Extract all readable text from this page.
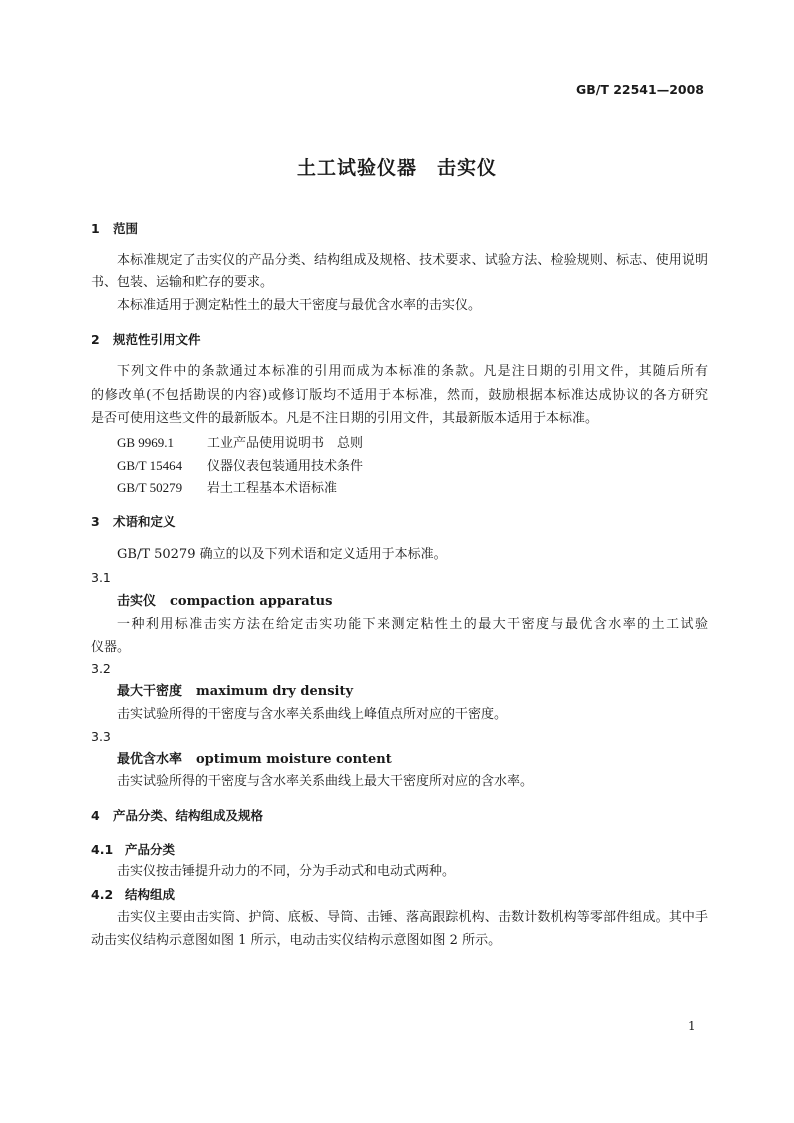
GB/T 22541—2008
土工试验仪器　击实仪
1 范围
本标准规定了击实仪的产品分类、结构组成及规格、技术要求、试验方法、检验规则、标志、使用说明
书、包装、运输和贮存的要求。
本标准适用于测定粘性土的最大干密度与最优含水率的击实仪。
2 规范性引用文件
下列文件中的条款通过本标准的引用而成为本标准的条款。凡是注日期的引用文件，其随后所有
的修改单(不包括勘误的内容)或修订版均不适用于本标准，然而，鼓励根据本标准达成协议的各方研究
是否可使用这些文件的最新版本。凡是不注日期的引用文件，其最新版本适用于本标准。
GB 9969.1	工业产品使用说明书　总则
GB/T 15464 仪器仪表包装通用技术条件
GB/T 50279 岩土工程基本术语标准
3 术语和定义
GB/T 50279 确立的以及下列术语和定义适用于本标准。
3.1
击实仪 compaction apparatus
一种利用标准击实方法在给定击实功能下来测定粘性土的最大干密度与最优含水率的土工试验
仪器。
3.2
最大干密度 maximum dry density
击实试验所得的干密度与含水率关系曲线上峰值点所对应的干密度。
3.3
最优含水率 optimum moisture content
击实试验所得的干密度与含水率关系曲线上最大干密度所对应的含水率。
4 产品分类、结构组成及规格
4.1 产品分类
击实仪按击锤提升动力的不同，分为手动式和电动式两种。
4.2 结构组成
击实仪主要由击实筒、护筒、底板、导筒、击锤、落高跟踪机构、击数计数机构等零部件组成。其中手
动击实仪结构示意图如图 1 所示，电动击实仪结构示意图如图 2 所示。
1
